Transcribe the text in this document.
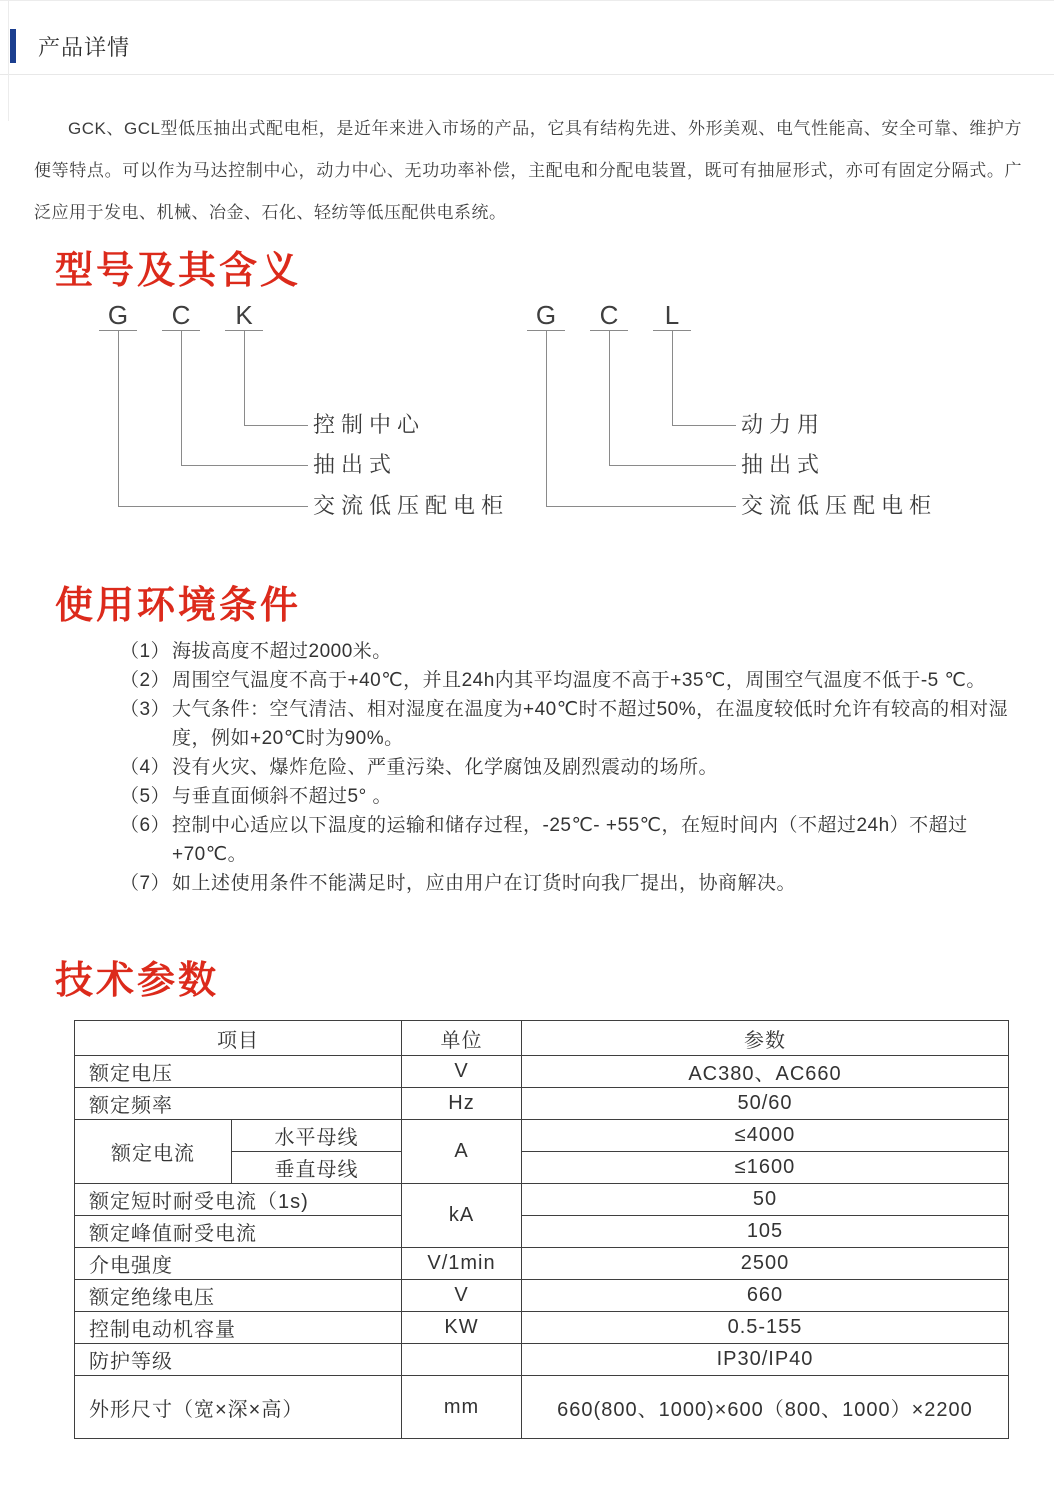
产品详情

GCK、GCL型低压抽出式配电柜，是近年来进入市场的产品，它具有结构先进、外形美观、电气性能高、安全可靠、维护方便等特点。可以作为马达控制中心，动力中心、无功功率补偿，主配电和分配电装置，既可有抽屉形式，亦可有固定分隔式。广泛应用于发电、机械、冶金、石化、轻纺等低压配供电系统。

型号及其含义
G	C	K
控制中心
抽出式
交流低压配电柜
G	C	L
动力用
抽出式
交流低压配电柜
使用环境条件
（1） 海拔高度不超过2000米。
（2） 周围空气温度不高于+40℃，并且24h内其平均温度不高于+35℃，周围空气温度不低于-5 ℃。
（3） 大气条件：空气清洁、相对湿度在温度为+40℃时不超过50%，在温度较低时允许有较高的相对湿度，例如+20℃时为90%。
（4） 没有火灾、爆炸危险、严重污染、化学腐蚀及剧烈震动的场所。
（5） 与垂直面倾斜不超过5° 。
（6） 控制中心适应以下温度的运输和储存过程，-25℃- +55℃，在短时间内（不超过24h）不超过+70℃。
（7） 如上述使用条件不能满足时，应由用户在订货时向我厂提出，协商解决。
技术参数
项目		单位	参数
额定电压		V	AC380、AC660
额定频率		Hz	50/60
额定电流	水平母线	A	≤4000
	垂直母线		≤1600
额定短时耐受电流（1s)		kA	50
额定峰值耐受电流			105
介电强度		V/1min	2500
额定绝缘电压		V	660
控制电动机容量		KW	0.5-155
防护等级			IP30/IP40
外形尺寸（宽×深×高）		mm	660(800、1000)×600（800、1000）×2200
